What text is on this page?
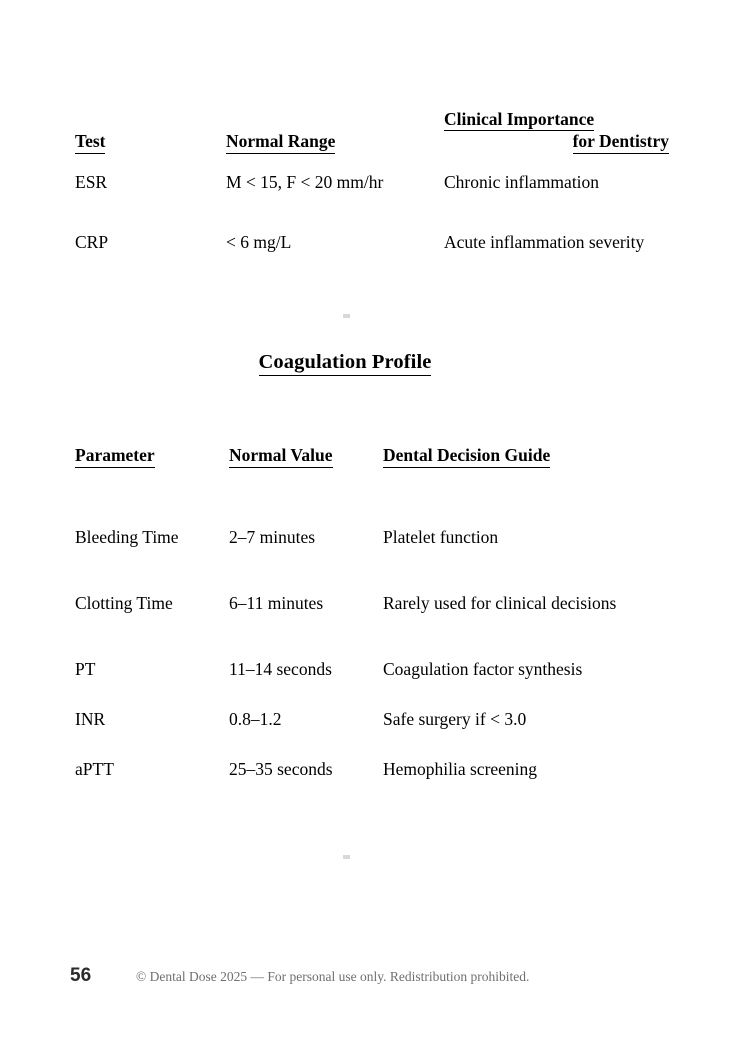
Test	Normal Range	Clinical Importance
for Dentistry

ESR	M < 15, F < 20 mm/hr	Chronic inflammation
CRP	< 6 mg/L	Acute inflammation severity
Coagulation Profile
Parameter	Normal Value	Dental Decision Guide
Bleeding Time	2–7 minutes	Platelet function
Clotting Time	6–11 minutes	Rarely used for clinical decisions
PT	11–14 seconds	Coagulation factor synthesis
INR	0.8–1.2	Safe surgery if < 3.0
aPTT	25–35 seconds	Hemophilia screening
56	© Dental Dose 2025 — For personal use only. Redistribution prohibited.
